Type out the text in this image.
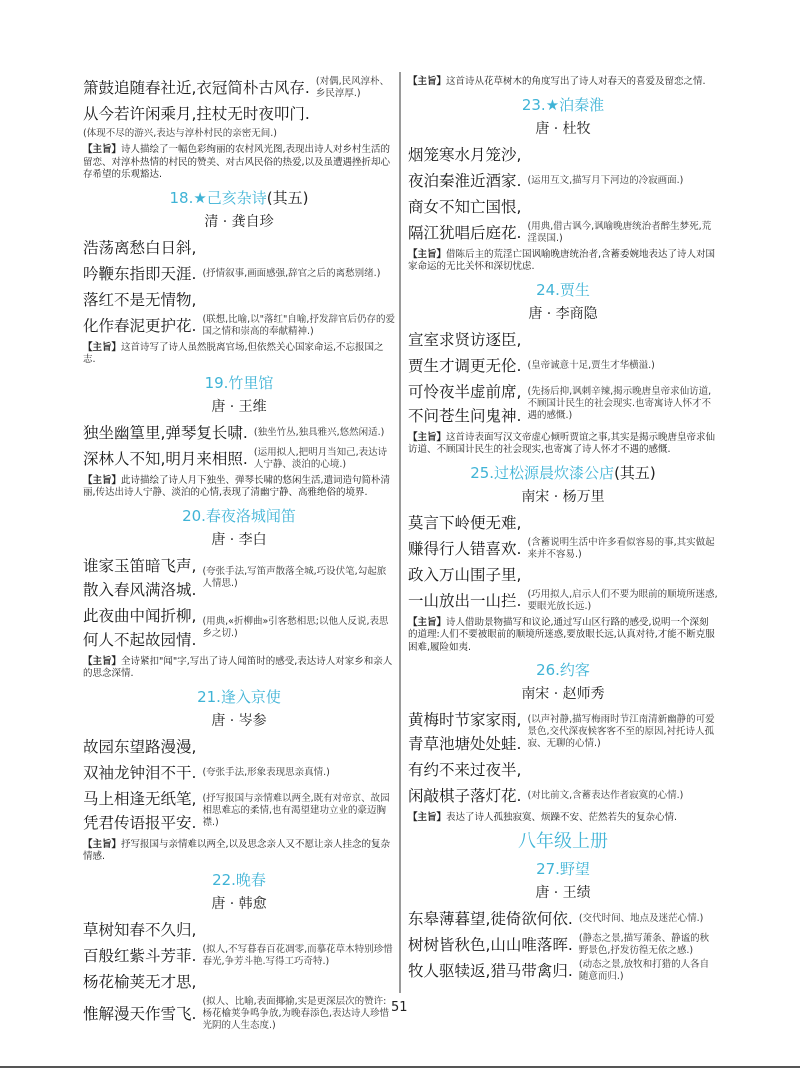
箫鼓追随春社近,衣冠简朴古风存. (对偶,民风淳朴、乡民淳厚.)
从今若许闲乘月,拄杖无时夜叩门.
(体现不尽的游兴,表达与淳朴村民的亲密无间.)
【主旨】诗人描绘了一幅色彩绚丽的农村风光图,表现出诗人对乡村生活的留恋、对淳朴热情的村民的赞美、对古风民俗的热爱,以及虽遭遇挫折却心存希望的乐观豁达.
18.★己亥杂诗(其五)
清 · 龚自珍
浩荡离愁白日斜,
吟鞭东指即天涯. (抒情叙事,画面感强,辞官之后的离愁别绪.)
落红不是无情物,
化作春泥更护花. (联想,比喻,以"落红"自喻,抒发辞官后仍存的爱国之情和崇高的奉献精神.)
【主旨】这首诗写了诗人虽然脱离官场,但依然关心国家命运,不忘报国之志.
19.竹里馆
唐 · 王维
独坐幽篁里,弹琴复长啸. (独坐竹丛,独具雅兴,悠然闲适.)
深林人不知,明月来相照. (运用拟人,把明月当知己,表达诗人宁静、淡泊的心境.)
【主旨】此诗描绘了诗人月下独坐、弹琴长啸的悠闲生活,遣词造句简朴清丽,传达出诗人宁静、淡泊的心情,表现了清幽宁静、高雅绝俗的境界.
20.春夜洛城闻笛
唐 · 李白
谁家玉笛暗飞声,
散入春风满洛城.
(夸张手法,写笛声散落全城,巧设伏笔,勾起旅人情思.)
此夜曲中闻折柳,
何人不起故园情.
(用典,«折柳曲»引客愁相思;以他人反说,表思乡之切.)
【主旨】全诗紧扣"闻"字,写出了诗人闻笛时的感受,表达诗人对家乡和亲人的思念深情.
21.逢入京使
唐 · 岑参
故园东望路漫漫,
双袖龙钟泪不干. (夸张手法,形象表现思亲真情.)
马上相逢无纸笔,
凭君传语报平安.
(抒写报国与亲情难以两全,既有对帝京、故园相思难忘的柔情,也有渴望建功立业的豪迈胸襟.)
【主旨】抒写报国与亲情难以两全,以及思念亲人又不愿让亲人挂念的复杂情感.
22.晚春
唐 · 韩愈
草树知春不久归,
百般红紫斗芳菲. (拟人,不写暮春百花凋零,而摹花草木特别珍惜春光,争芳斗艳.写得工巧奇特.)
杨花榆荚无才思,
惟解漫天作雪飞.
(拟人、比喻,表面揶揄,实是更深层次的赞许:杨花榆荚争鸣争放,为晚春添色,表达诗人珍惜光阴的人生态度.)
【主旨】这首诗从花草树木的角度写出了诗人对春天的喜爱及留恋之情.
23.★泊秦淮
唐 · 杜牧
烟笼寒水月笼沙,
夜泊秦淮近酒家. (运用互文,描写月下河边的冷寂画面.)
商女不知亡国恨,
隔江犹唱后庭花. (用典,借古讽今,讽喻晚唐统治者醉生梦死,荒淫误国.)
【主旨】借陈后主的荒淫亡国讽喻晚唐统治者,含蓄委婉地表达了诗人对国家命运的无比关怀和深切忧虑.
24.贾生
唐 · 李商隐
宣室求贤访逐臣,
贾生才调更无伦. (皇帝诚意十足,贾生才华横溢.)
可怜夜半虚前席,
不问苍生问鬼神.
(先扬后抑,讽刺辛辣,揭示晚唐皇帝求仙访道,不顾国计民生的社会现实.也寄寓诗人怀才不遇的感慨.)
【主旨】这首诗表面写汉文帝虚心倾听贾谊之事,其实是揭示晚唐皇帝求仙访道、不顾国计民生的社会现实,也寄寓了诗人怀才不遇的感慨.
25.过松源晨炊漆公店(其五)
南宋 · 杨万里
莫言下岭便无难,
赚得行人错喜欢. (含蓄说明生活中许多看似容易的事,其实做起来并不容易.)
政入万山围子里,
一山放出一山拦. (巧用拟人,启示人们不要为眼前的顺境所迷惑,要眼光放长远.)
【主旨】诗人借助景物描写和议论,通过写山区行路的感受,说明一个深刻的道理:人们不要被眼前的顺境所迷惑,要放眼长远,认真对待,才能不断克服困难,履险如夷.
26.约客
南宋 · 赵师秀
黄梅时节家家雨,
青草池塘处处蛙.
(以声衬静,描写梅雨时节江南清新幽静的可爱景色,交代深夜候客客不至的原因,衬托诗人孤寂、无聊的心情.)
有约不来过夜半,
闲敲棋子落灯花. (对比前文,含蓄表达作者寂寞的心情.)
【主旨】表达了诗人孤独寂寞、烦躁不安、茫然若失的复杂心情.
八年级上册
27.野望
唐 · 王绩
东皋薄暮望,徙倚欲何依. (交代时间、地点及迷茫心情.)
树树皆秋色,山山唯落晖. (静态之景,描写萧条、静谧的秋野景色,抒发彷徨无依之感.)
牧人驱犊返,猎马带禽归. (动态之景,放牧和打猎的人各自随意而归.)
51
